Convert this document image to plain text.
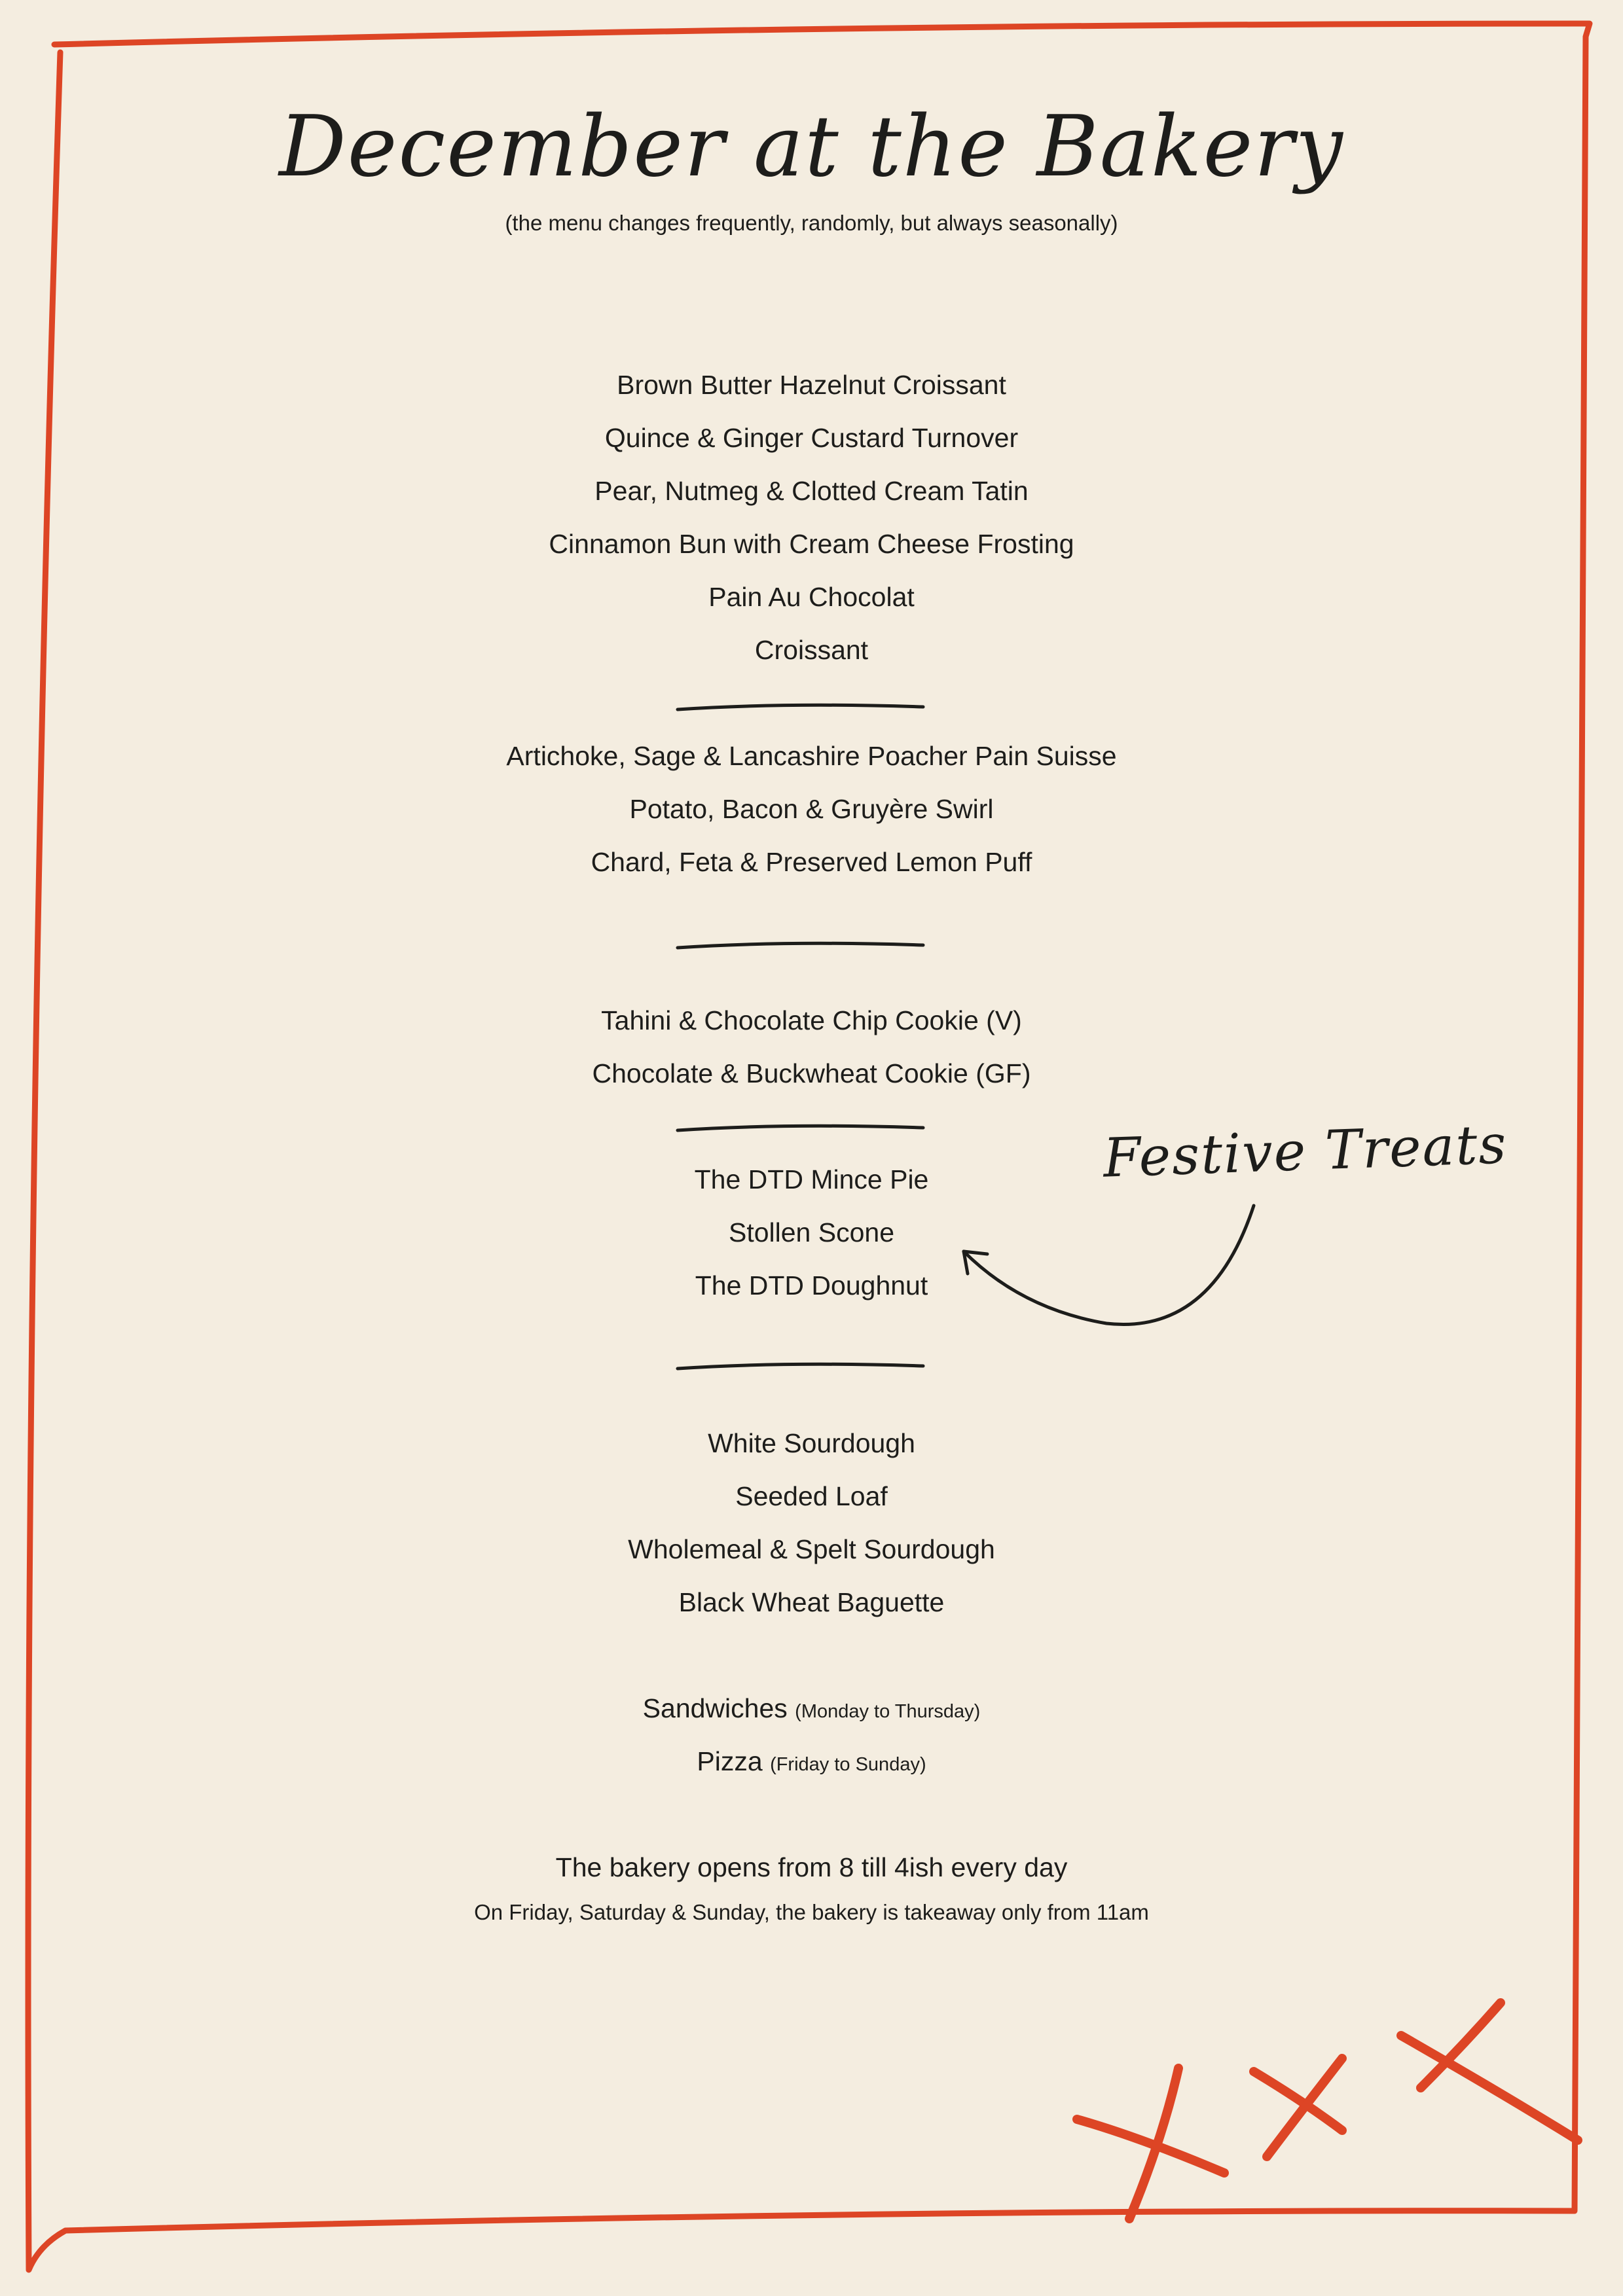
December at the Bakery
(the menu changes frequently, randomly, but always seasonally)
Brown Butter Hazelnut Croissant
Quince & Ginger Custard Turnover
Pear, Nutmeg & Clotted Cream Tatin
Cinnamon Bun with Cream Cheese Frosting
Pain Au Chocolat
Croissant
Artichoke, Sage & Lancashire Poacher Pain Suisse
Potato, Bacon & Gruyère Swirl
Chard, Feta & Preserved Lemon Puff
Tahini & Chocolate Chip Cookie (V)
Chocolate & Buckwheat Cookie (GF)
The DTD Mince Pie
Stollen Scone
The DTD Doughnut
Festive Treats
White Sourdough
Seeded Loaf
Wholemeal & Spelt Sourdough
Black Wheat Baguette
Sandwiches (Monday to Thursday)
Pizza (Friday to Sunday)
The bakery opens from 8 till 4ish every day
On Friday, Saturday & Sunday, the bakery is takeaway only from 11am
